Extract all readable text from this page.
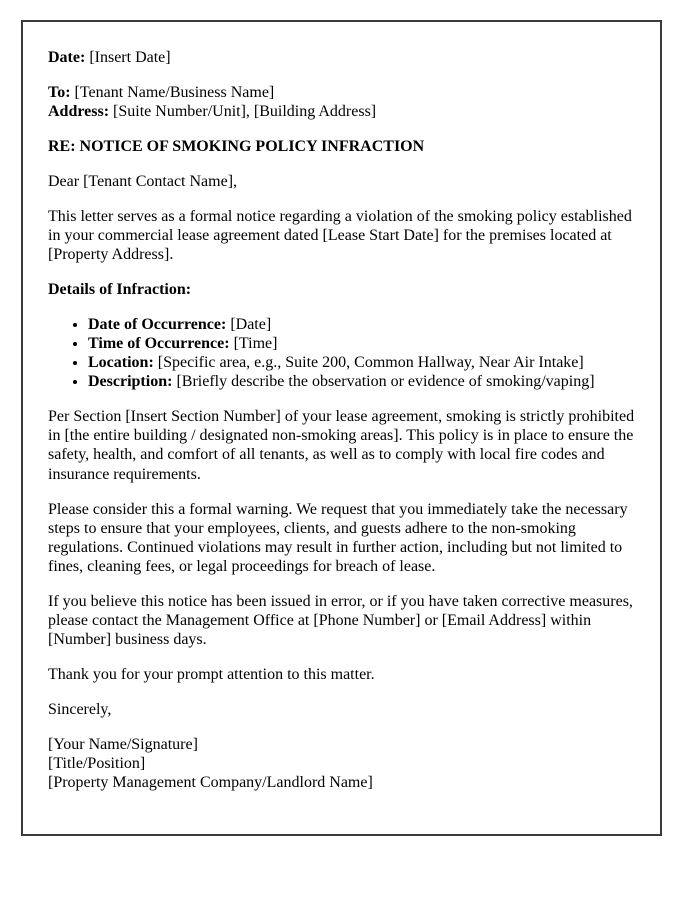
Date: [Insert Date]

To: [Tenant Name/Business Name]
Address: [Suite Number/Unit], [Building Address]

RE: NOTICE OF SMOKING POLICY INFRACTION

Dear [Tenant Contact Name],

This letter serves as a formal notice regarding a violation of the smoking policy established in your commercial lease agreement dated [Lease Start Date] for the premises located at [Property Address].

Details of Infraction:

• Date of Occurrence: [Date]
• Time of Occurrence: [Time]
• Location: [Specific area, e.g., Suite 200, Common Hallway, Near Air Intake]
• Description: [Briefly describe the observation or evidence of smoking/vaping]

Per Section [Insert Section Number] of your lease agreement, smoking is strictly prohibited in [the entire building / designated non-smoking areas]. This policy is in place to ensure the safety, health, and comfort of all tenants, as well as to comply with local fire codes and insurance requirements.

Please consider this a formal warning. We request that you immediately take the necessary steps to ensure that your employees, clients, and guests adhere to the non-smoking regulations. Continued violations may result in further action, including but not limited to fines, cleaning fees, or legal proceedings for breach of lease.

If you believe this notice has been issued in error, or if you have taken corrective measures, please contact the Management Office at [Phone Number] or [Email Address] within [Number] business days.

Thank you for your prompt attention to this matter.

Sincerely,

[Your Name/Signature]
[Title/Position]
[Property Management Company/Landlord Name]
